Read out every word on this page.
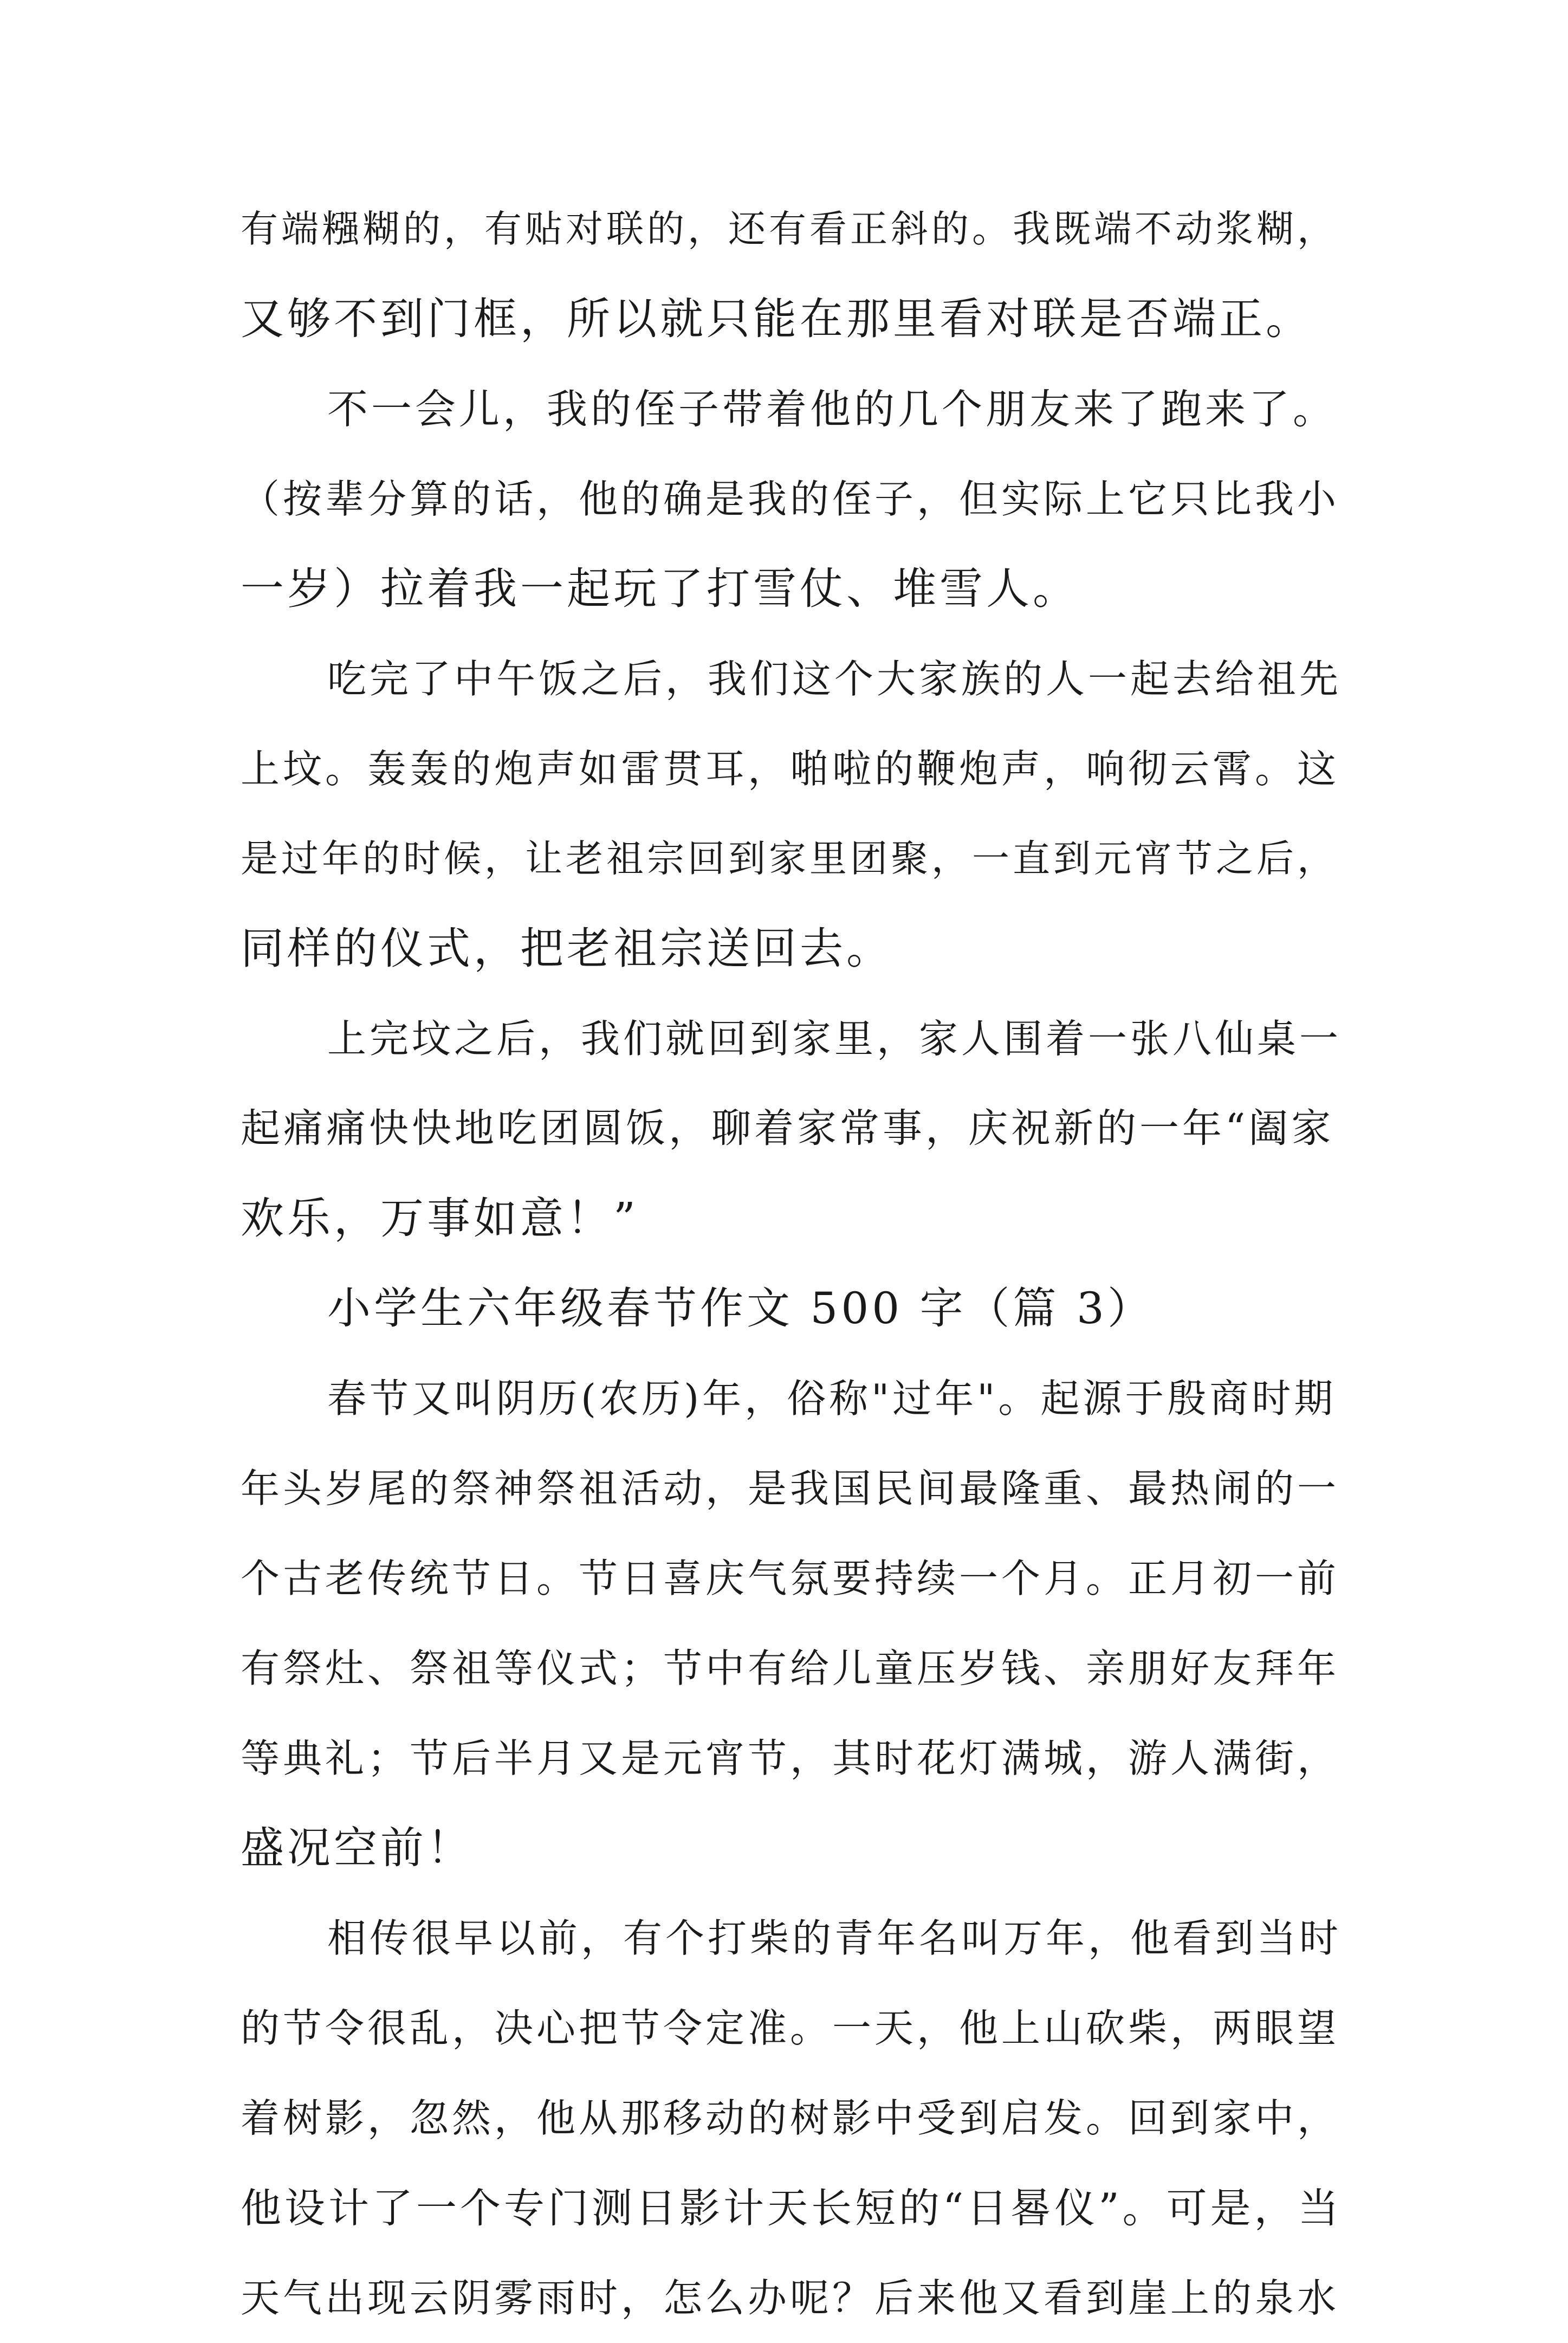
有端糨糊的，有贴对联的，还有看正斜的。我既端不动浆糊，
又够不到门框，所以就只能在那里看对联是否端正。
不一会儿，我的侄子带着他的几个朋友来了跑来了。
（按辈分算的话，他的确是我的侄子，但实际上它只比我小
一岁）拉着我一起玩了打雪仗、堆雪人。
吃完了中午饭之后，我们这个大家族的人一起去给祖先
上坟。轰轰的炮声如雷贯耳，啪啦的鞭炮声，响彻云霄。这
是过年的时候，让老祖宗回到家里团聚，一直到元宵节之后，
同样的仪式，把老祖宗送回去。
上完坟之后，我们就回到家里，家人围着一张八仙桌一
起痛痛快快地吃团圆饭，聊着家常事，庆祝新的一年“阖家
欢乐，万事如意！”
小学生六年级春节作文 500 字（篇 3）
春节又叫阴历(农历)年，俗称"过年"。起源于殷商时期
年头岁尾的祭神祭祖活动，是我国民间最隆重、最热闹的一
个古老传统节日。节日喜庆气氛要持续一个月。正月初一前
有祭灶、祭祖等仪式；节中有给儿童压岁钱、亲朋好友拜年
等典礼；节后半月又是元宵节，其时花灯满城，游人满街，
盛况空前！
相传很早以前，有个打柴的青年名叫万年，他看到当时
的节令很乱，决心把节令定准。一天，他上山砍柴，两眼望
着树影，忽然，他从那移动的树影中受到启发。回到家中，
他设计了一个专门测日影计天长短的“日晷仪”。可是，当
天气出现云阴雾雨时，怎么办呢？后来他又看到崖上的泉水
